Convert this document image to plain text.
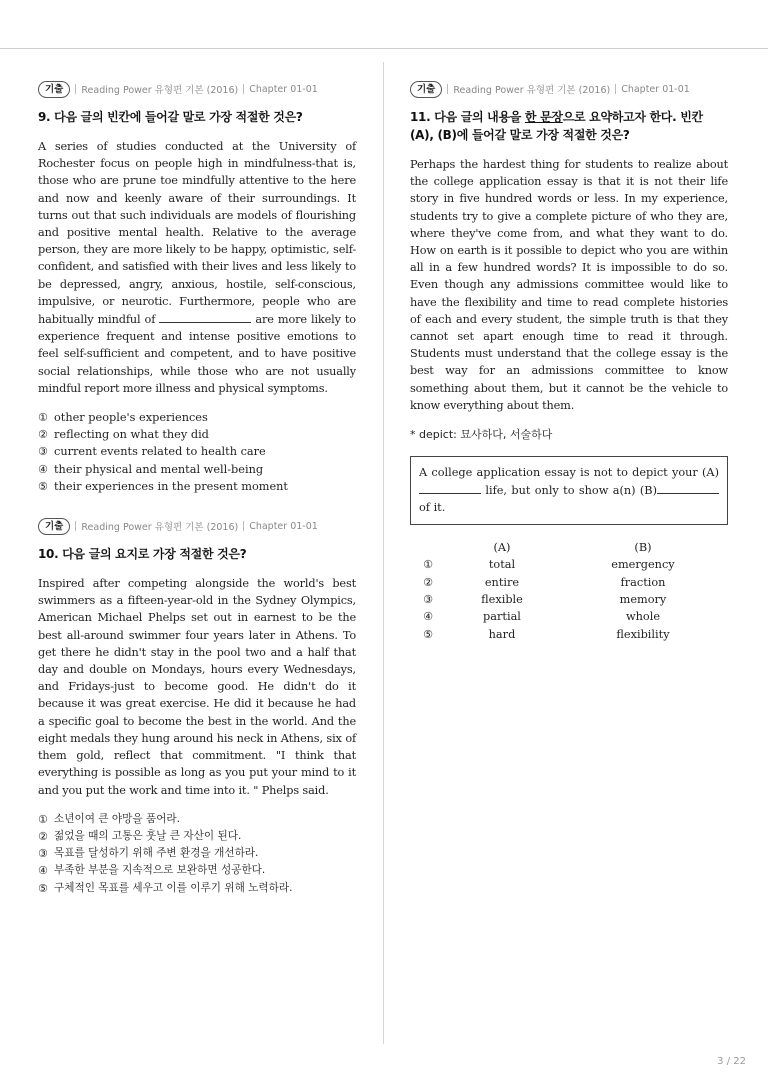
기출	Reading Power 유형편 기본 (2016) Chapter 01-01
9. 다음 글의 빈칸에 들어갈 말로 가장 적절한 것은?

A series of studies conducted at the University of Rochester focus on people high in mindfulness-that is, those who are prune toe mindfully attentive to the here and now and keenly aware of their surroundings. It turns out that such individuals are models of flourishing and positive mental health. Relative to the average person, they are more likely to be happy, optimistic, self-confident, and satisfied with their lives and less likely to be depressed, angry, anxious, hostile, self-conscious, impulsive, or neurotic. Furthermore, people who are habitually mindful of	are more likely to experience frequent and intense positive emotions to feel self-sufficient and competent, and to have positive social relationships, while those who are not usually mindful report more illness and physical symptoms.

① other people's experiences
② reflecting on what they did
③ current events related to health care
④ their physical and mental well-being
⑤ their experiences in the present moment
기출	Reading Power 유형편 기본 (2016) Chapter 01-01
10. 다음 글의 요지로 가장 적절한 것은?

Inspired after competing alongside the world's best swimmers as a fifteen-year-old in the Sydney Olympics, American Michael Phelps set out in earnest to be the best all-around swimmer four years later in Athens. To get there he didn't stay in the pool two and a half that day and double on Mondays, hours every Wednesdays, and Fridays-just to become good. He didn't do it because it was great exercise. He did it because he had a specific goal to become the best in the world. And the eight medals they hung around his neck in Athens, six of them gold, reflect that commitment. "I think that everything is possible as long as you put your mind to it and you put the work and time into it. " Phelps said.

① 소년이여 큰 야망을 품어라.
② 젊었을 때의 고통은 훗날 큰 자산이 된다.
③ 목표를 달성하기 위해 주변 환경을 개선하라.
④ 부족한 부분을 지속적으로 보완하면 성공한다.
⑤ 구체적인 목표를 세우고 이를 이루기 위해 노력하라.
기출	Reading Power 유형편 기본 (2016) Chapter 01-01
11. 다음 글의 내용을 한 문장으로 요약하고자 한다. 빈칸 (A), (B)에 들어갈 말로 가장 적절한 것은?

Perhaps the hardest thing for students to realize about the college application essay is that it is not their life story in five hundred words or less. In my experience, students try to give a complete picture of who they are, where they've come from, and what they want to do. How on earth is it possible to depict who you are within all in a few hundred words? It is impossible to do so. Even though any admissions committee would like to have the flexibility and time to read complete histories of each and every student, the simple truth is that they cannot set apart enough time to read it through. Students must understand that the college essay is the best way for an admissions committee to know something about them, but it cannot be the vehicle to know everything about them.

* depict: 묘사하다, 서술하다
A college application essay is not to depict your (A) life, but only to show a(n) (B) of it.
	(A)	(B)
①	total	emergency
②	entire	fraction
③	flexible	memory
④	partial	whole
⑤	hard	flexibility
3 / 22
